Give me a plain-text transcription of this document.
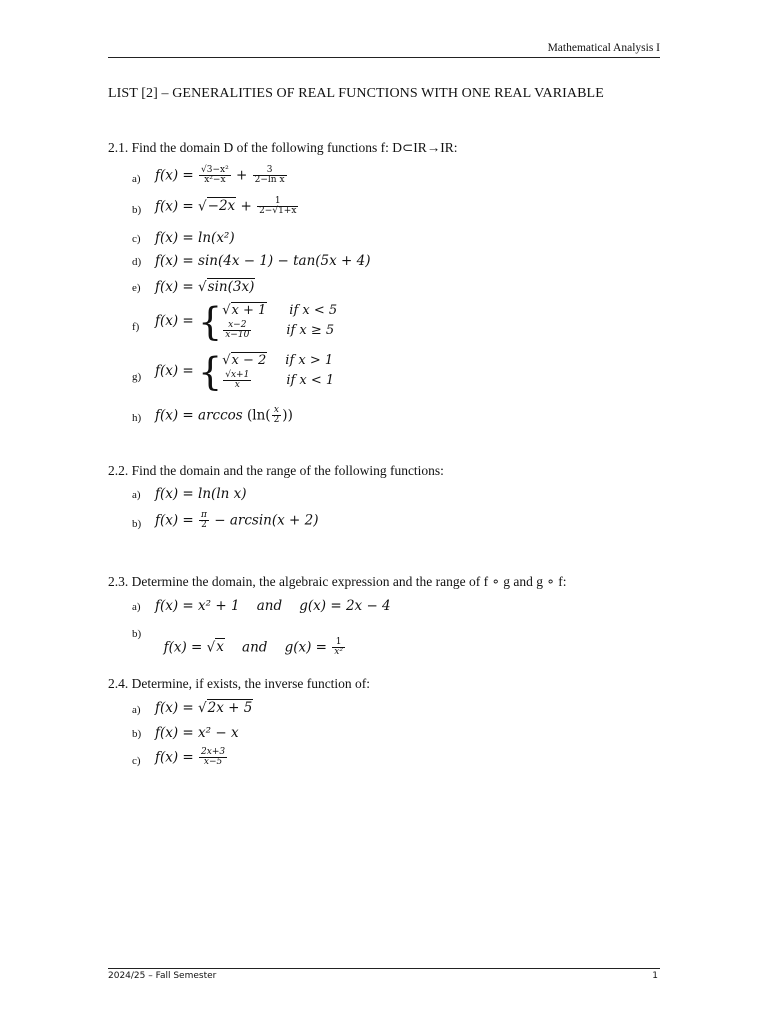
Mathematical Analysis I
LIST [2] – GENERALITIES OF REAL FUNCTIONS WITH ONE REAL VARIABLE
2.1. Find the domain D of the following functions f: D⊂IR→IR:
a) $f(x) = \frac{\text{√3−x²}}{\text{x²−x}} + \frac{3}{\text{2−ln x}}$
b) $f(x) = √-2x + \frac{1}{2-√1+x}$
c) f(x) = ln(x²)
d) f(x) = sin(4x − 1) − tan(5x + 4)
e) f(x) = √sin(3x)
f) f(x) = { √x + 1 if x < 5
$\frac{x-2}{x-10}$	if x ≥ 5
g) f(x) = { √x − 2 if x > 1
$\frac{√x+1}{x}$	if x < 1
h) $f(x) = \arccos (\ln( \frac{x}{2}$ ))
2.2. Find the domain and the range of the following functions:
a) f(x) = ln(ln x)
b) $f(x) = \frac{\pi}{2} - \arcsin(x + 2)$
2.3. Determine the domain, the algebraic expression and the range of f ∘ g and g ∘ f:
a) f(x) = x² + 1    and    g(x) = 2x − 4
b)

f(x) = √x    and    $g(x) = \frac{1}{\text{x²}}$

2.4. Determine, if exists, the inverse function of:
a) f(x) = √2x + 5
b) f(x) = x² − x
c) $f(x) = \frac{2x+3}{x-5}$
2024/25 – Fall Semester	1
